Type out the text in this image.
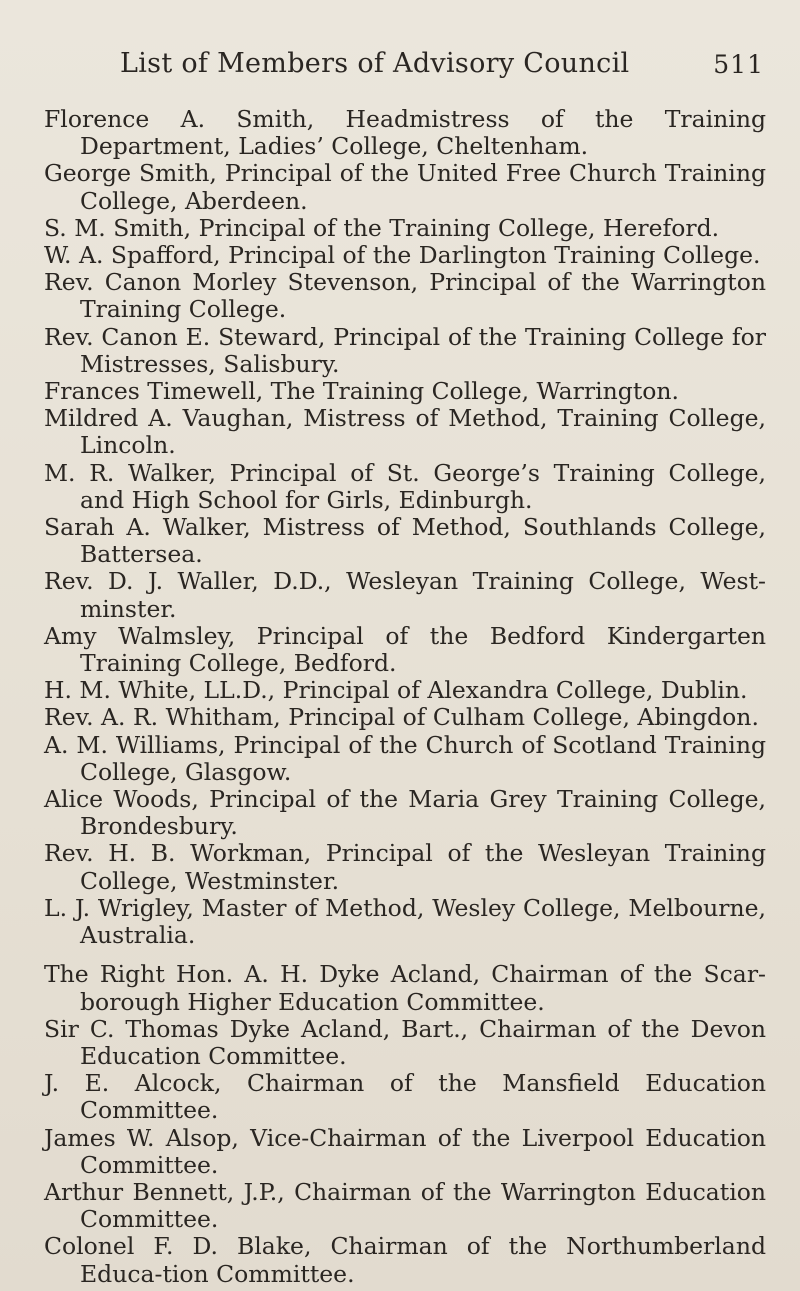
List of Members of Advisory Council	511
Florence A. Smith, Headmistress of the Training Department, Ladies’ College, Cheltenham.
George Smith, Principal of the United Free Church Training College, Aberdeen.
S. M. Smith, Principal of the Training College, Hereford.
W. A. Spafford, Principal of the Darlington Training College.
Rev. Canon Morley Stevenson, Principal of the Warrington Training College.
Rev. Canon E. Steward, Principal of the Training College for Mistresses, Salisbury.
Frances Timewell, The Training College, Warrington.
Mildred A. Vaughan, Mistress of Method, Training College, Lincoln.
M. R. Walker, Principal of St. George’s Training College, and High School for Girls, Edinburgh.
Sarah A. Walker, Mistress of Method, Southlands College, Battersea.
Rev. D. J. Waller, D.D., Wesleyan Training College, West-minster.
Amy Walmsley, Principal of the Bedford Kindergarten Training College, Bedford.
H. M. White, LL.D., Principal of Alexandra College, Dublin.
Rev. A. R. Whitham, Principal of Culham College, Abingdon.
A. M. Williams, Principal of the Church of Scotland Training College, Glasgow.
Alice Woods, Principal of the Maria Grey Training College, Brondesbury.
Rev. H. B. Workman, Principal of the Wesleyan Training College, Westminster.
L. J. Wrigley, Master of Method, Wesley College, Melbourne, Australia.
The Right Hon. A. H. Dyke Acland, Chairman of the Scar-borough Higher Education Committee.
Sir C. Thomas Dyke Acland, Bart., Chairman of the Devon Education Committee.
J. E. Alcock, Chairman of the Mansfield Education Committee.
James W. Alsop, Vice-Chairman of the Liverpool Education Committee.
Arthur Bennett, J.P., Chairman of the Warrington Education Committee.
Colonel F. D. Blake, Chairman of the Northumberland Educa-tion Committee.
